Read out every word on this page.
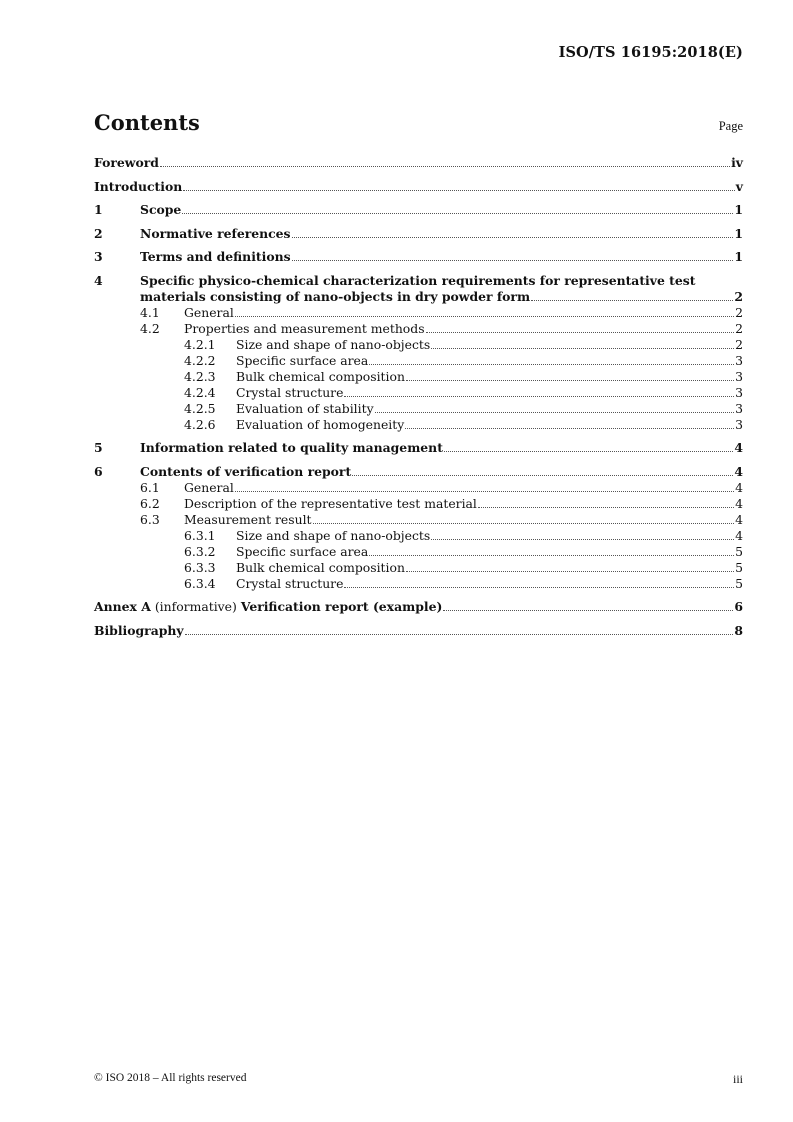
ISO/TS 16195:2018(E)
Contents	Page
Foreword	iv
Introduction	v
1	Scope	1
2	Normative references	1
3	Terms and definitions	1
4	Specific physico-chemical characterization requirements for representative test
materials consisting of nano-objects in dry powder form	2
4.1	General	2
4.2	Properties and measurement methods	2
4.2.1	Size and shape of nano-objects	2
4.2.2	Specific surface area	3
4.2.3	Bulk chemical composition	3
4.2.4	Crystal structure	3
4.2.5	Evaluation of stability	3
4.2.6	Evaluation of homogeneity	3
5	Information related to quality management	4
6	Contents of verification report	4
6.1	General	4
6.2	Description of the representative test material	4
6.3	Measurement result	4
6.3.1	Size and shape of nano-objects	4
6.3.2	Specific surface area	5
6.3.3	Bulk chemical composition	5
6.3.4	Crystal structure	5
Annex A (informative) Verification report (example)	6
Bibliography	8
© ISO 2018 – All rights reserved	iii
